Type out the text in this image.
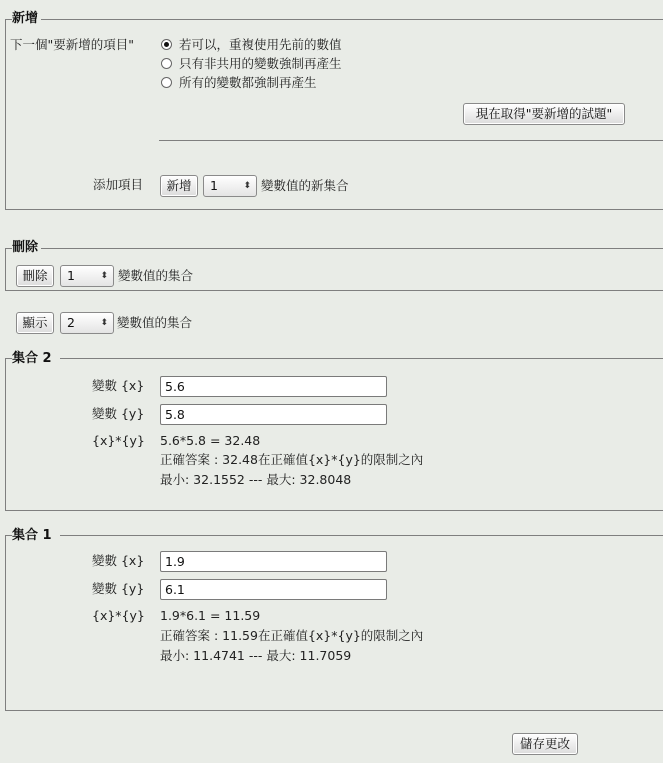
新增
下一個"要新增的項目"	若可以，重複使用先前的數值
只有非共用的變數強制再產生
所有的變數都強制再產生
現在取得"要新增的試題"
添加項目	新增	1	⬍ 變數值的新集合
刪除
刪除	1	⬍ 變數值的集合
顯示	2	⬍ 變數值的集合
集合 2
變數 {x}	5.6
變數 {y}	5.8
{x}*{y} 5.6*5.8 = 32.48
正確答案 : 32.48在正確值{x}*{y}的限制之內
最小: 32.1552 --- 最大: 32.8048
集合 1
變數 {x}	1.9
變數 {y}	6.1
{x}*{y} 1.9*6.1 = 11.59
正確答案 : 11.59在正確值{x}*{y}的限制之內
最小: 11.4741 --- 最大: 11.7059
儲存更改
